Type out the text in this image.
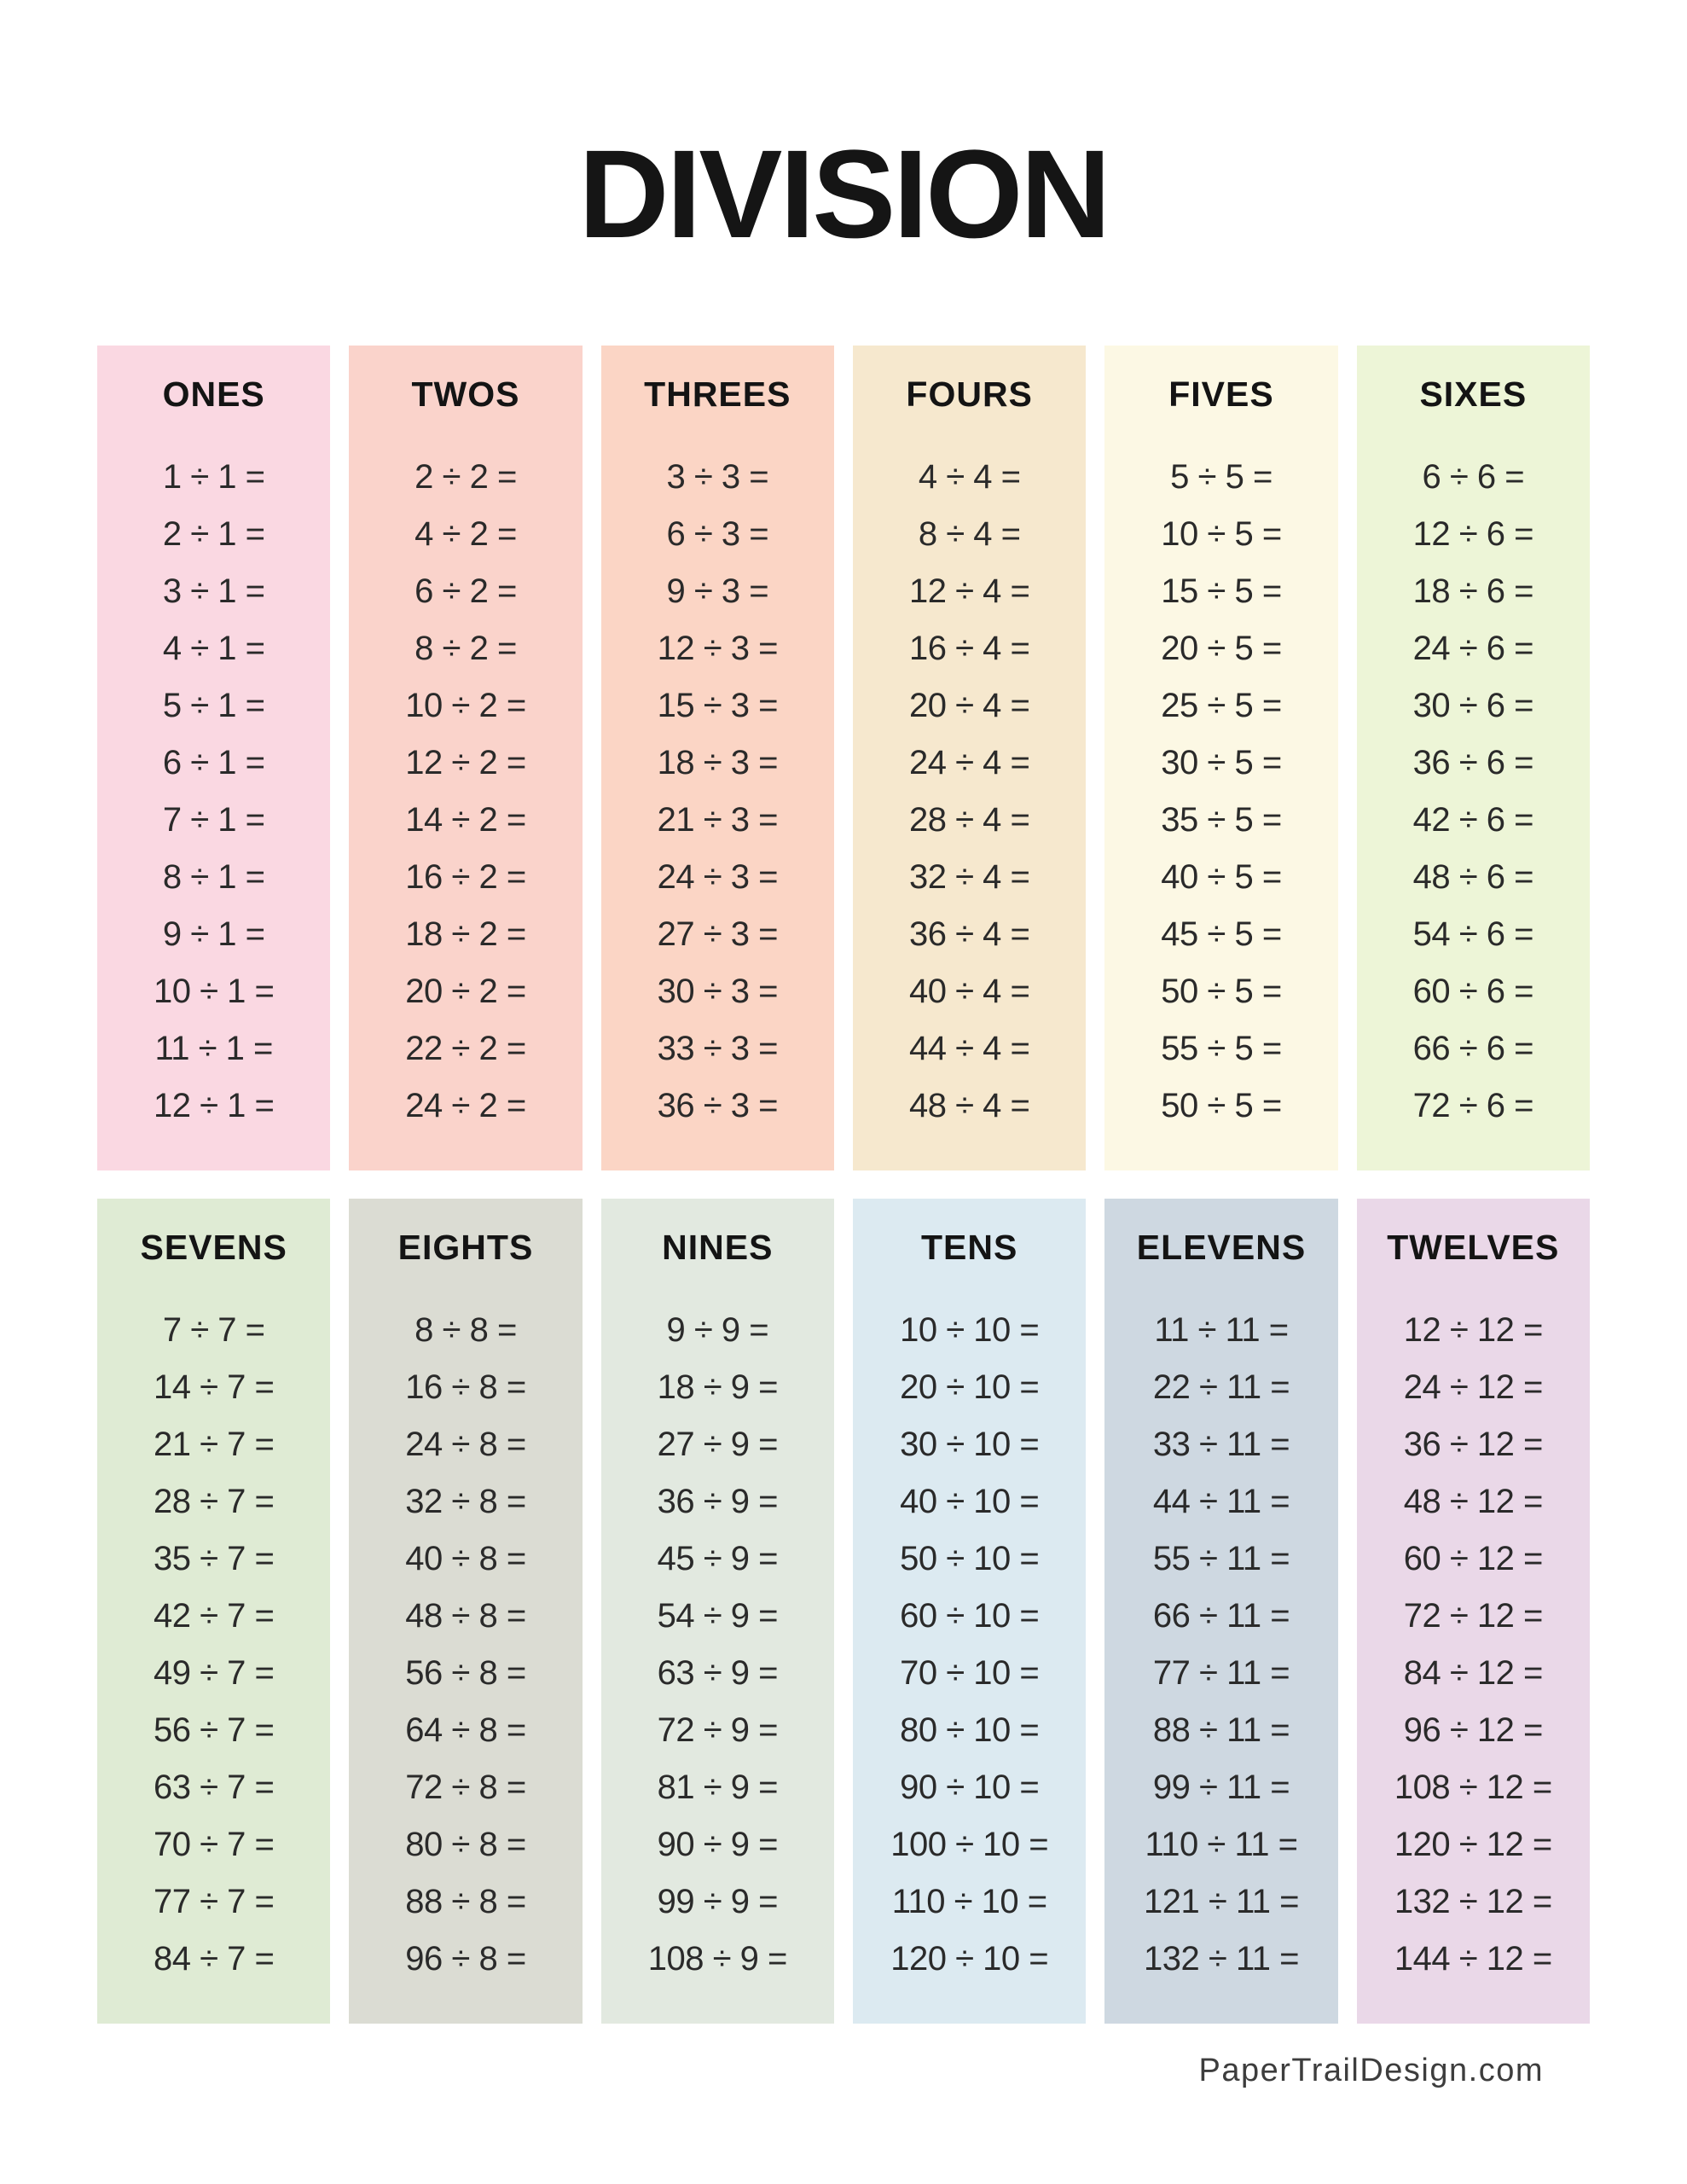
DIVISION
ONES
1 ÷ 1 =
2 ÷ 1 =
3 ÷ 1 =
4 ÷ 1 =
5 ÷ 1 =
6 ÷ 1 =
7 ÷ 1 =
8 ÷ 1 =
9 ÷ 1 =
10 ÷ 1 =
11 ÷ 1 =
12 ÷ 1 =
TWOS
2 ÷ 2 =
4 ÷ 2 =
6 ÷ 2 =
8 ÷ 2 =
10 ÷ 2 =
12 ÷ 2 =
14 ÷ 2 =
16 ÷ 2 =
18 ÷ 2 =
20 ÷ 2 =
22 ÷ 2 =
24 ÷ 2 =
THREES
3 ÷ 3 =
6 ÷ 3 =
9 ÷ 3 =
12 ÷ 3 =
15 ÷ 3 =
18 ÷ 3 =
21 ÷ 3 =
24 ÷ 3 =
27 ÷ 3 =
30 ÷ 3 =
33 ÷ 3 =
36 ÷ 3 =
FOURS
4 ÷ 4 =
8 ÷ 4 =
12 ÷ 4 =
16 ÷ 4 =
20 ÷ 4 =
24 ÷ 4 =
28 ÷ 4 =
32 ÷ 4 =
36 ÷ 4 =
40 ÷ 4 =
44 ÷ 4 =
48 ÷ 4 =
FIVES
5 ÷ 5 =
10 ÷ 5 =
15 ÷ 5 =
20 ÷ 5 =
25 ÷ 5 =
30 ÷ 5 =
35 ÷ 5 =
40 ÷ 5 =
45 ÷ 5 =
50 ÷ 5 =
55 ÷ 5 =
50 ÷ 5 =
SIXES
6 ÷ 6 =
12 ÷ 6 =
18 ÷ 6 =
24 ÷ 6 =
30 ÷ 6 =
36 ÷ 6 =
42 ÷ 6 =
48 ÷ 6 =
54 ÷ 6 =
60 ÷ 6 =
66 ÷ 6 =
72 ÷ 6 =
SEVENS
7 ÷ 7 =
14 ÷ 7 =
21 ÷ 7 =
28 ÷ 7 =
35 ÷ 7 =
42 ÷ 7 =
49 ÷ 7 =
56 ÷ 7 =
63 ÷ 7 =
70 ÷ 7 =
77 ÷ 7 =
84 ÷ 7 =
EIGHTS
8 ÷ 8 =
16 ÷ 8 =
24 ÷ 8 =
32 ÷ 8 =
40 ÷ 8 =
48 ÷ 8 =
56 ÷ 8 =
64 ÷ 8 =
72 ÷ 8 =
80 ÷ 8 =
88 ÷ 8 =
96 ÷ 8 =
NINES
9 ÷ 9 =
18 ÷ 9 =
27 ÷ 9 =
36 ÷ 9 =
45 ÷ 9 =
54 ÷ 9 =
63 ÷ 9 =
72 ÷ 9 =
81 ÷ 9 =
90 ÷ 9 =
99 ÷ 9 =
108 ÷ 9 =
TENS
10 ÷ 10 =
20 ÷ 10 =
30 ÷ 10 =
40 ÷ 10 =
50 ÷ 10 =
60 ÷ 10 =
70 ÷ 10 =
80 ÷ 10 =
90 ÷ 10 =
100 ÷ 10 =
110 ÷ 10 =
120 ÷ 10 =
ELEVENS
11 ÷ 11 =
22 ÷ 11 =
33 ÷ 11 =
44 ÷ 11 =
55 ÷ 11 =
66 ÷ 11 =
77 ÷ 11 =
88 ÷ 11 =
99 ÷ 11 =
110 ÷ 11 =
121 ÷ 11 =
132 ÷ 11 =
TWELVES
12 ÷ 12 =
24 ÷ 12 =
36 ÷ 12 =
48 ÷ 12 =
60 ÷ 12 =
72 ÷ 12 =
84 ÷ 12 =
96 ÷ 12 =
108 ÷ 12 =
120 ÷ 12 =
132 ÷ 12 =
144 ÷ 12 =
PaperTrailDesign.com
